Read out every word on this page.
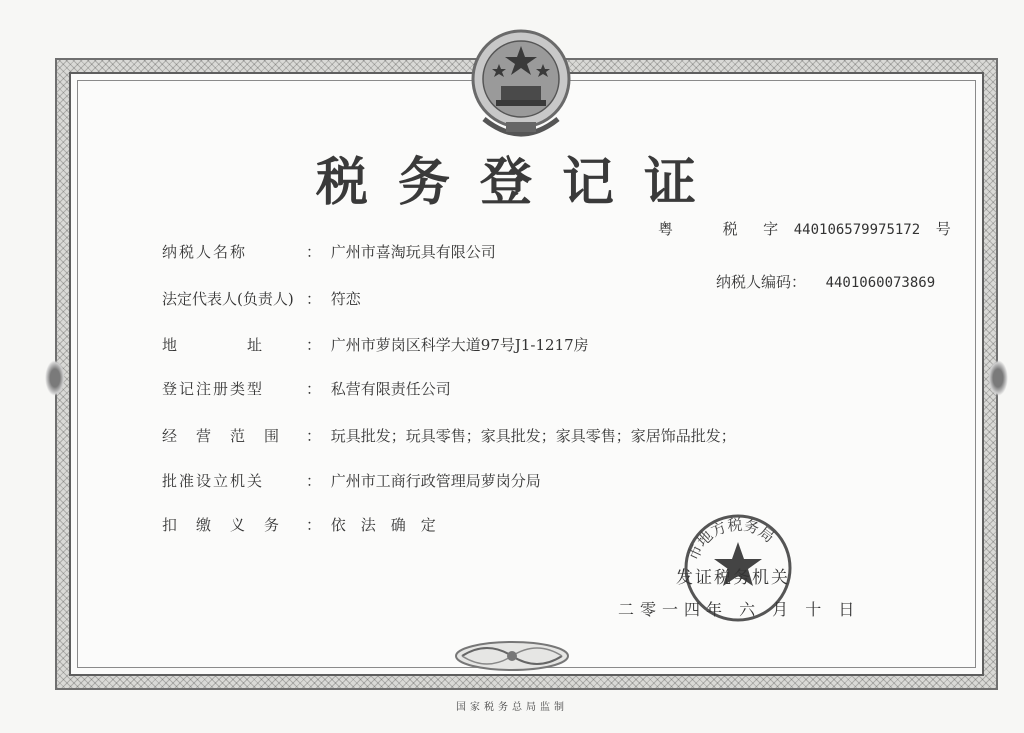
税务登记证
粤	税 字 440106579975172 号
纳税人编码： 4401060073869
纳税人名称	： 广州市喜淘玩具有限公司
法定代表人(负责人) ： 符恋
地　　　　址	： 广州市萝岗区科学大道97号J1-1217房
登记注册类型	： 私营有限责任公司
经　营　范　围 ： 玩具批发；玩具零售；家具批发；家具零售；家居饰品批发；
批准设立机关	： 广州市工商行政管理局萝岗分局
扣　缴　义　务 ： 依　法　确　定
市地方税务局
发证税务机关
二零一四年 六 月 十 日
国家税务总局监制
